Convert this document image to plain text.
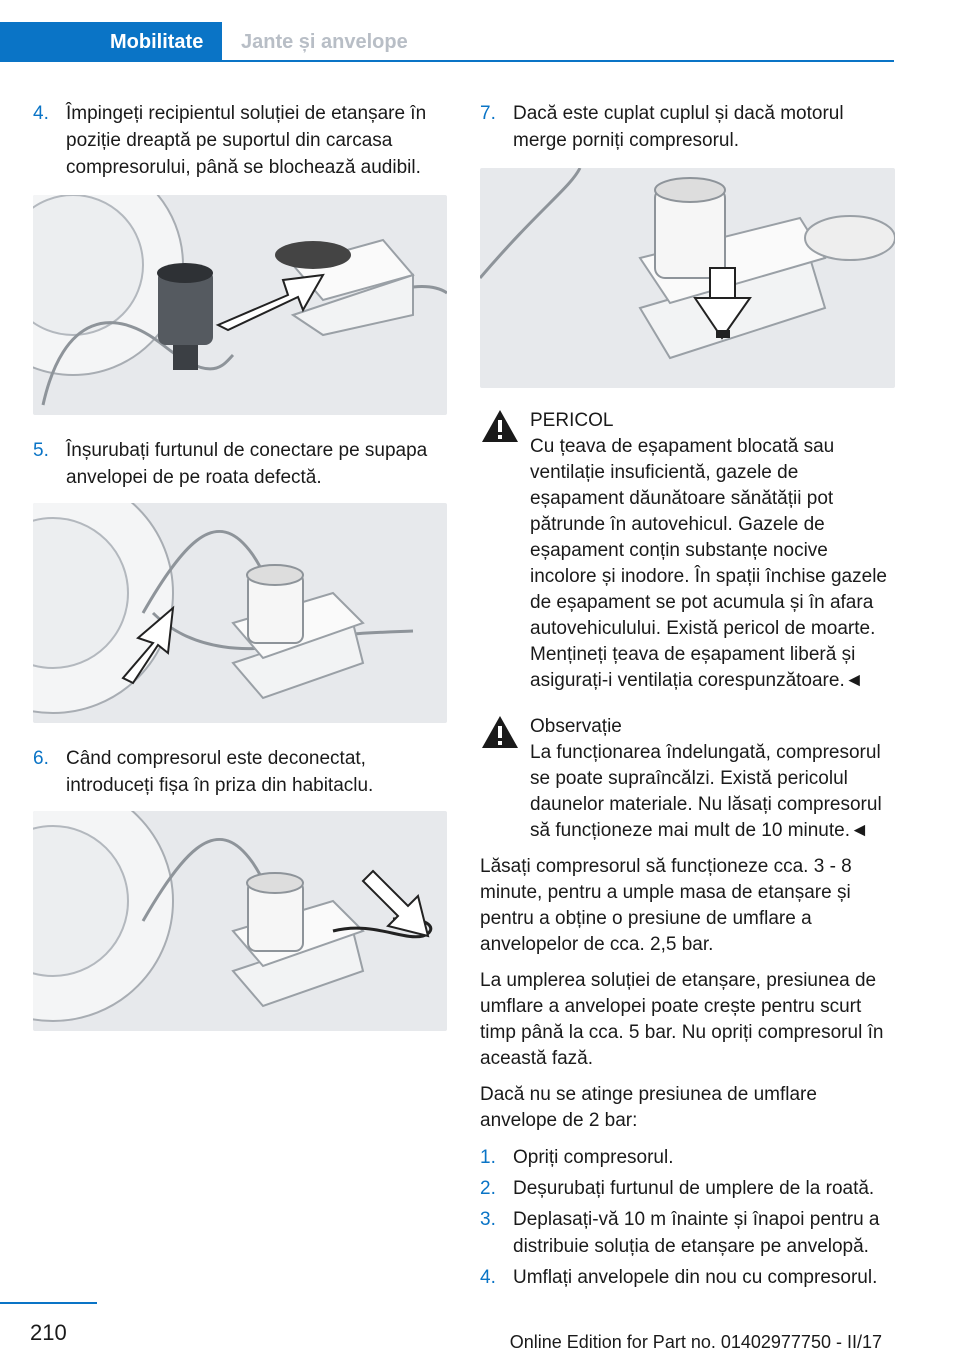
Mobilitate	Jante și anvelope
4. Împingeți recipientul soluției de etanșare în poziție dreaptă pe suportul din carcasa compresorului, până se blochează audibil.
5. Înșurubați furtunul de conectare pe supapa anvelopei de pe roata defectă.
6. Când compresorul este deconectat, introduceți fișa în priza din habitaclu.
7. Dacă este cuplat cuplul și dacă motorul merge porniți compresorul.
PERICOL
Cu țeava de eșapament blocată sau ventilație insuficientă, gazele de eșapament dăunătoare sănătății pot pătrunde în autovehicul. Gazele de eșapament conțin substanțe nocive incolore și inodore. În spații închise gazele de eșapament se pot acumula și în afara autovehiculului. Există pericol de moarte. Mențineți țeava de eșapament liberă și asigurați-i ventilația corespunzătoare.◄
Observație
La funcționarea îndelungată, compresorul se poate supraîncălzi. Există pericolul daunelor materiale. Nu lăsați compresorul să funcționeze mai mult de 10 minute.◄

Lăsați compresorul să funcționeze cca. 3 - 8 minute, pentru a umple masa de etanșare și pentru a obține o presiune de umflare a anvelopelor de cca. 2,5 bar.

La umplerea soluției de etanșare, presiunea de umflare a anvelopei poate crește pentru scurt timp până la cca. 5 bar. Nu opriți compresorul în această fază.

Dacă nu se atinge presiunea de umflare anvelope de 2 bar:

1. Opriți compresorul.
2. Deșurubați furtunul de umplere de la roată.
3. Deplasați-vă 10 m înainte și înapoi pentru a distribuie soluția de etanșare pe anvelopă.
4. Umflați anvelopele din nou cu compresorul.
210	Online Edition for Part no. 01402977750 - II/17
